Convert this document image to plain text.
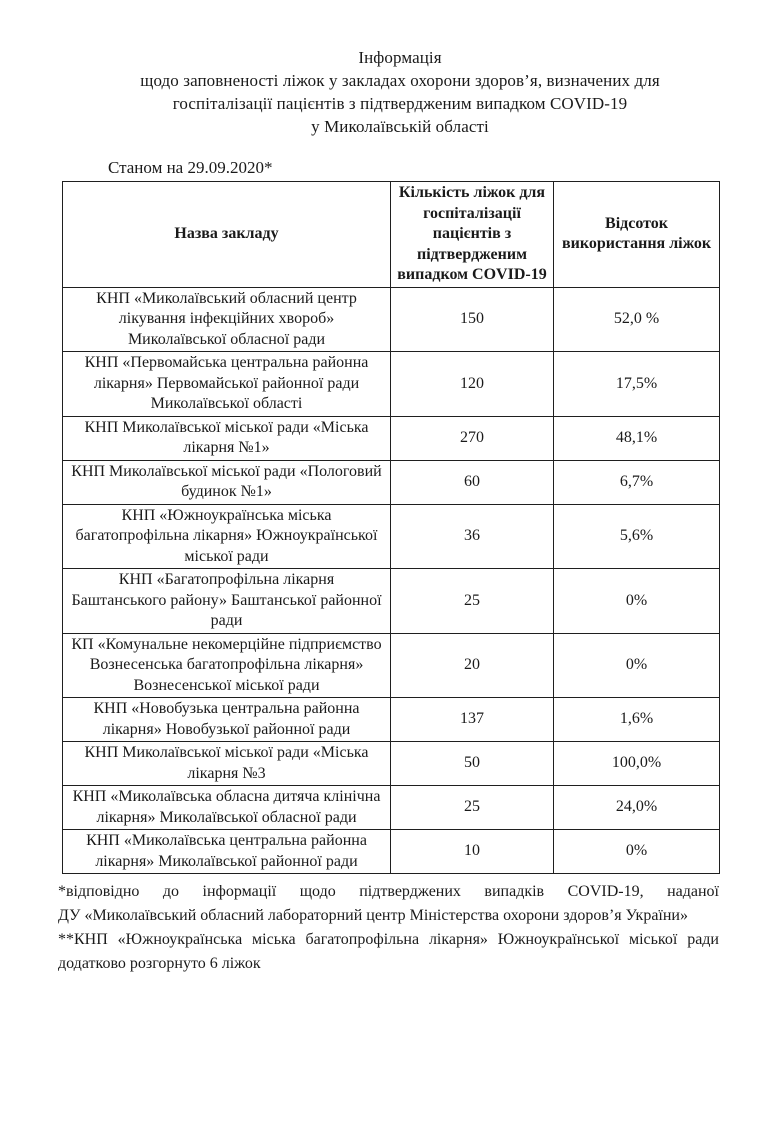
Інформація
щодо заповненості ліжок у закладах охорони здоров’я, визначених для
госпіталізації пацієнтів з підтвердженим випадком COVID-19
у Миколаївській області
Станом на 29.09.2020*
Назва закладу	Кількість ліжок для госпіталізації пацієнтів з підтвердженим випадком COVID-19	Відсоток використання ліжок
КНП «Миколаївський обласний центр лікування інфекційних хвороб» Миколаївської обласної ради	150	52,0 %
КНП «Первомайська центральна районна лікарня» Первомайської районної ради Миколаївської області	120	17,5%
КНП Миколаївської міської ради «Міська лікарня №1»	270	48,1%
КНП Миколаївської міської ради «Пологовий будинок №1»	60	6,7%
КНП «Южноукраїнська міська багатопрофільна лікарня» Южноукраїнської міської ради	36	5,6%
КНП «Багатопрофільна лікарня Баштанського району» Баштанської районної ради	25	0%
КП «Комунальне некомерційне підприємство Вознесенська багатопрофільна лікарня» Вознесенської міської ради	20	0%
КНП «Новобузька центральна районна лікарня» Новобузької районної ради	137	1,6%
КНП Миколаївської міської ради «Міська лікарня №3	50	100,0%
КНП «Миколаївська обласна дитяча клінічна лікарня» Миколаївської обласної ради	25	24,0%
КНП «Миколаївська центральна районна лікарня» Миколаївської районної ради	10	0%
*відповідно до інформації щодо підтверджених випадків COVID-19, наданої
ДУ «Миколаївський обласний лабораторний центр Міністерства охорони здоров’я України»
**КНП «Южноукраїнська міська багатопрофільна лікарня» Южноукраїнської міської ради
додатково розгорнуто 6 ліжок
